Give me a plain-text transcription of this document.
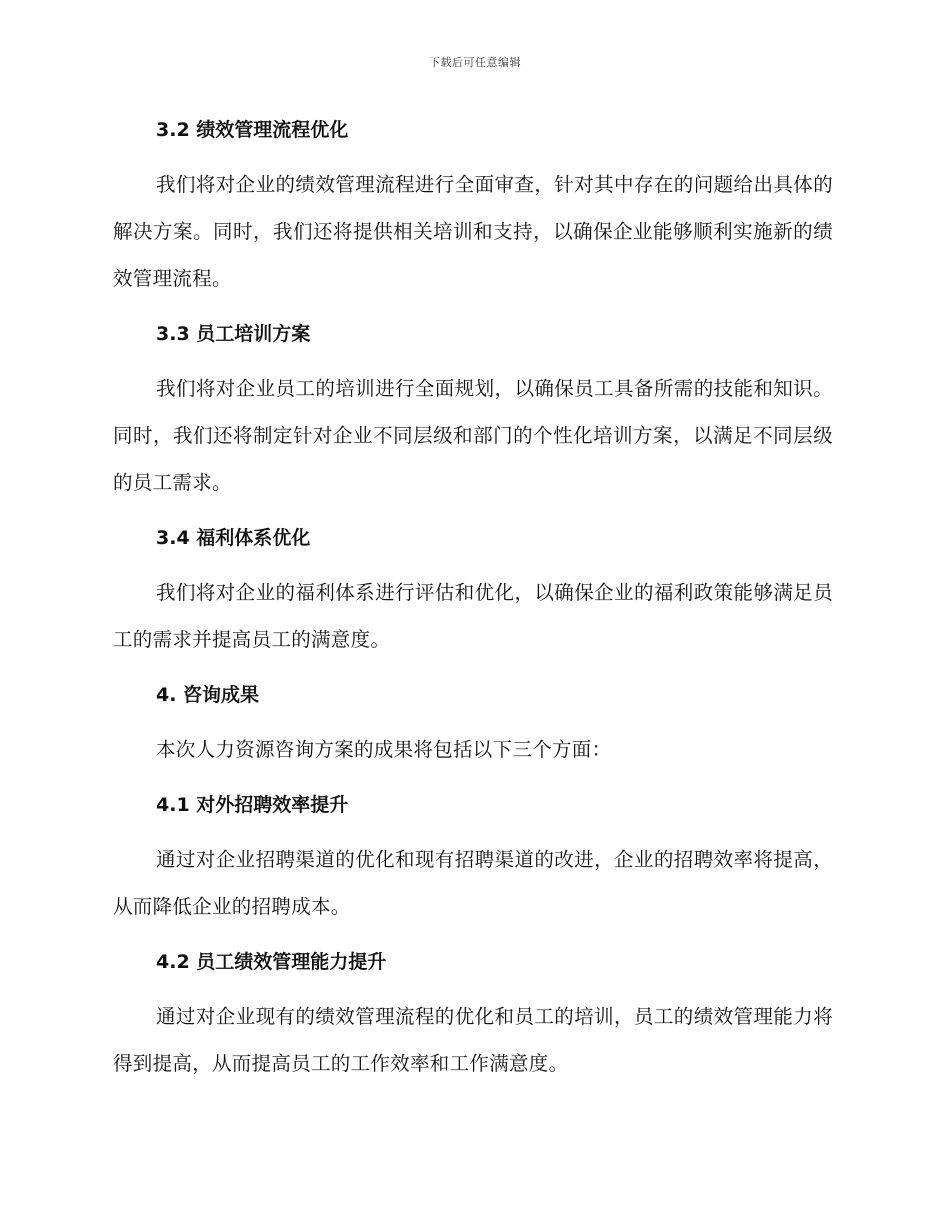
下载后可任意编辑
3.2 绩效管理流程优化

我们将对企业的绩效管理流程进行全面审查，针对其中存在的问题给出具体的解决方案。同时，我们还将提供相关培训和支持，以确保企业能够顺利实施新的绩效管理流程。

3.3 员工培训方案

我们将对企业员工的培训进行全面规划，以确保员工具备所需的技能和知识。同时，我们还将制定针对企业不同层级和部门的个性化培训方案，以满足不同层级的员工需求。

3.4 福利体系优化

我们将对企业的福利体系进行评估和优化，以确保企业的福利政策能够满足员工的需求并提高员工的满意度。

4. 咨询成果

本次人力资源咨询方案的成果将包括以下三个方面：

4.1 对外招聘效率提升

通过对企业招聘渠道的优化和现有招聘渠道的改进，企业的招聘效率将提高，从而降低企业的招聘成本。

4.2 员工绩效管理能力提升

通过对企业现有的绩效管理流程的优化和员工的培训，员工的绩效管理能力将得到提高，从而提高员工的工作效率和工作满意度。
